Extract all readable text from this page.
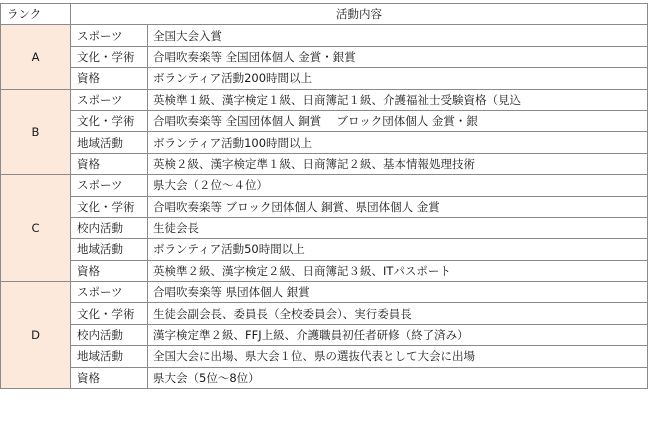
ランク	活動内容	
A	スポーツ	全国大会入賞
	文化・学術	合唱吹奏楽等 全国団体個人 金賞・銀賞
	資格	ボランティア活動200時間以上
B	スポーツ	英検準１級、漢字検定１級、日商簿記１級、介護福祉士受験資格（見込
	文化・学術	合唱吹奏楽等 全国団体個人 銅賞　 ブロック団体個人 金賞・銀
	地域活動	ボランティア活動100時間以上
	資格	英検２級、漢字検定準１級、日商簿記２級、基本情報処理技術
C	スポーツ	県大会（２位～４位）
	文化・学術	合唱吹奏楽等 ブロック団体個人 銅賞、県団体個人 金賞
	校内活動	生徒会長
	地域活動	ボランティア活動50時間以上
	資格	英検準２級、漢字検定２級、日商簿記３級、ITパスポート
D	スポーツ	合唱吹奏楽等 県団体個人 銀賞
	文化・学術	生徒会副会長、委員長（全校委員会）、実行委員長
	校内活動	漢字検定準２級、FFJ上級、介護職員初任者研修（終了済み）
	地域活動	全国大会に出場、県大会１位、県の選抜代表として大会に出場
	資格	県大会（5位～8位）
